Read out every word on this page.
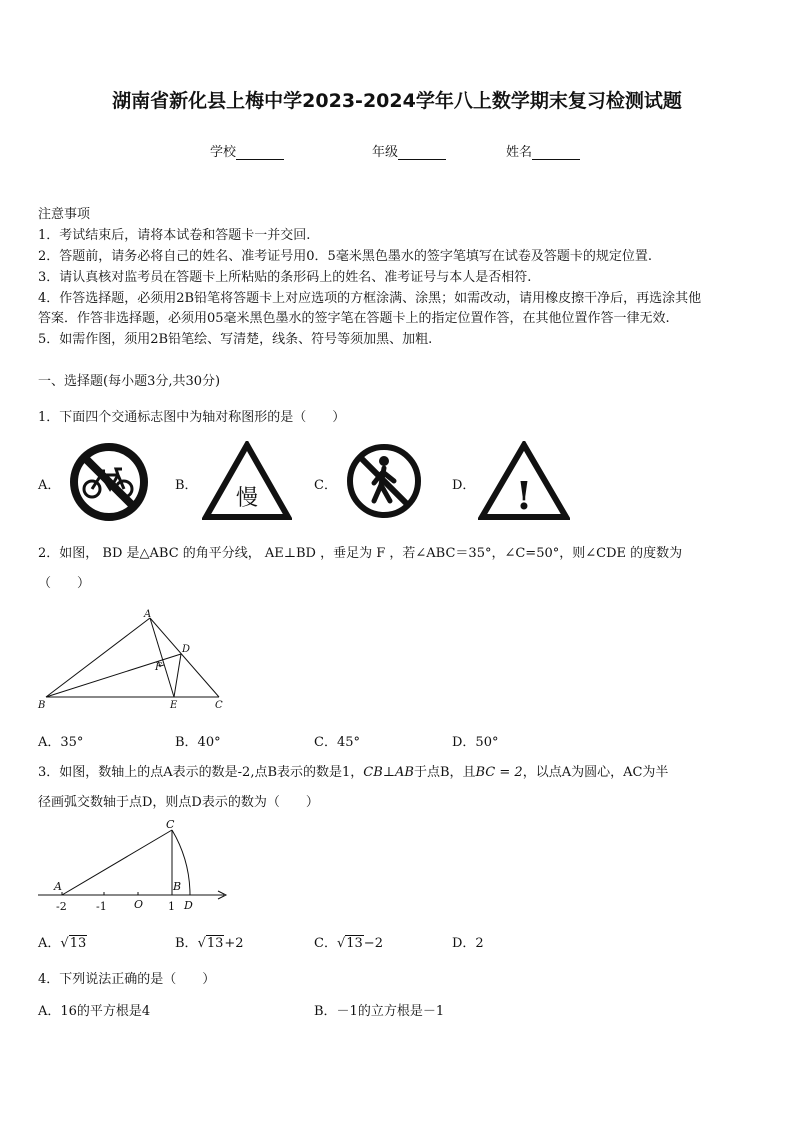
湖南省新化县上梅中学2023-2024学年八上数学期末复习检测试题
学校	年级	姓名
注意事项
1．考试结束后，请将本试卷和答题卡一并交回.
2．答题前，请务必将自己的姓名、准考证号用0．5毫米黑色墨水的签字笔填写在试卷及答题卡的规定位置.
3．请认真核对监考员在答题卡上所粘贴的条形码上的姓名、准考证号与本人是否相符.
4．作答选择题，必须用2B铅笔将答题卡上对应选项的方框涂满、涂黑；如需改动，请用橡皮擦干净后，再选涂其他
答案．作答非选择题，必须用05毫米黑色墨水的签字笔在答题卡上的指定位置作答，在其他位置作答一律无效.
5．如需作图，须用2B铅笔绘、写清楚，线条、符号等须加黑、加粗.
一、选择题(每小题3分,共30分)
1．下面四个交通标志图中为轴对称图形的是（　　）
A．	B．
慢
C．	D． !
2．如图， BD 是△ABC 的角平分线， AE⊥BD ，垂足为 F ，若∠ABC＝35°，∠C=50°，则∠CDE 的度数为
（　　）
A
B	C
D
E
F
A．35°	B．40°	C．45°	D．50°
3．如图，数轴上的点A表示的数是-2,点B表示的数是1，CB⊥AB于点B，且BC = 2，以点A为圆心，AC为半
径画弧交数轴于点D，则点D表示的数为（　　）
A
C
B
D
O
-2	-1	1
A．√13	B．√13+2	C．√13−2	D．2
4．下列说法正确的是（　　）
A．16的平方根是4	B．－1的立方根是－1
